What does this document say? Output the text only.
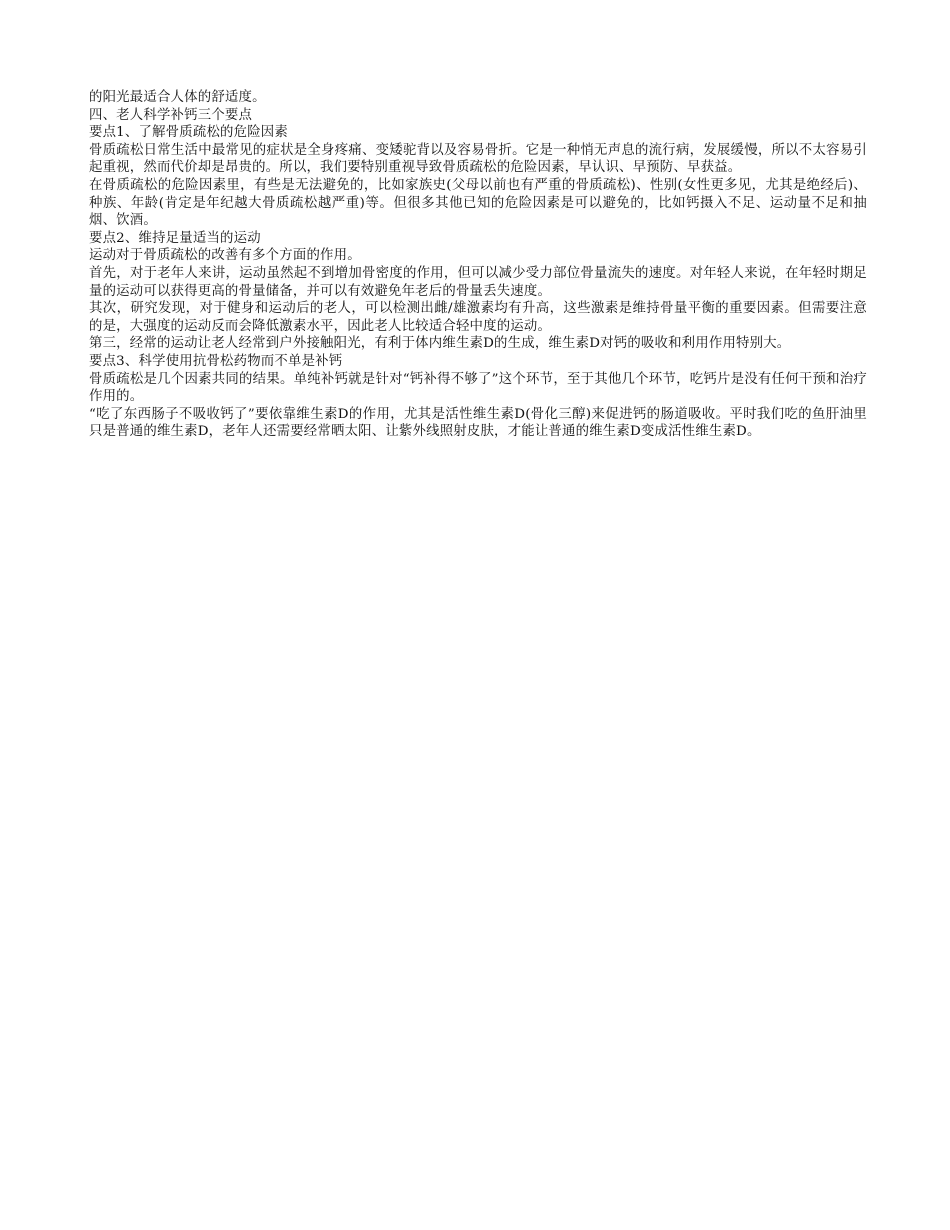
的阳光最适合人体的舒适度。

四、老人科学补钙三个要点

要点1、了解骨质疏松的危险因素

骨质疏松日常生活中最常见的症状是全身疼痛、变矮驼背以及容易骨折。它是一种悄无声息的流行病，发展缓慢，所以不太容易引起重视，然而代价却是昂贵的。所以，我们要特别重视导致骨质疏松的危险因素，早认识、早预防、早获益。

在骨质疏松的危险因素里，有些是无法避免的，比如家族史(父母以前也有严重的骨质疏松)、性别(女性更多见，尤其是绝经后)、种族、年龄(肯定是年纪越大骨质疏松越严重)等。但很多其他已知的危险因素是可以避免的，比如钙摄入不足、运动量不足和抽烟、饮酒。

要点2、维持足量适当的运动

运动对于骨质疏松的改善有多个方面的作用。

首先，对于老年人来讲，运动虽然起不到增加骨密度的作用，但可以减少受力部位骨量流失的速度。对年轻人来说，在年轻时期足量的运动可以获得更高的骨量储备，并可以有效避免年老后的骨量丢失速度。

其次，研究发现，对于健身和运动后的老人，可以检测出雌/雄激素均有升高，这些激素是维持骨量平衡的重要因素。但需要注意的是，大强度的运动反而会降低激素水平，因此老人比较适合轻中度的运动。

第三，经常的运动让老人经常到户外接触阳光，有利于体内维生素D的生成，维生素D对钙的吸收和利用作用特别大。

要点3、科学使用抗骨松药物而不单是补钙

骨质疏松是几个因素共同的结果。单纯补钙就是针对“钙补得不够了”这个环节，至于其他几个环节，吃钙片是没有任何干预和治疗作用的。

“吃了东西肠子不吸收钙了”要依靠维生素D的作用，尤其是活性维生素D(骨化三醇)来促进钙的肠道吸收。平时我们吃的鱼肝油里只是普通的维生素D，老年人还需要经常晒太阳、让紫外线照射皮肤，才能让普通的维生素D变成活性维生素D。
